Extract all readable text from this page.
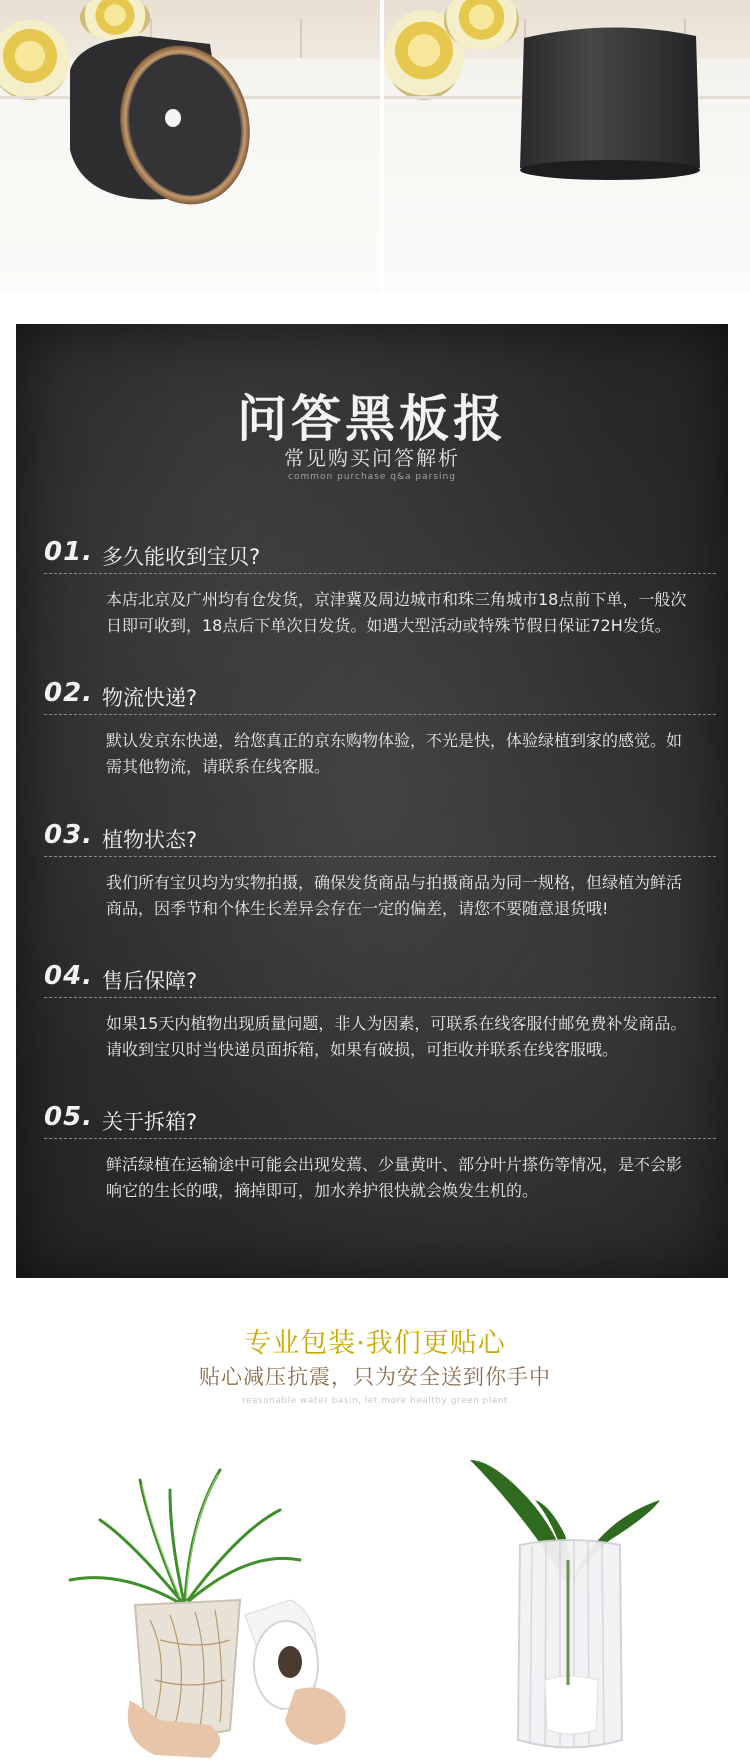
问答黑板报
常见购买问答解析
common purchase q&a parsing
01. 多久能收到宝贝?
本店北京及广州均有仓发货，京津冀及周边城市和珠三角城市18点前下单，一般次日即可收到，18点后下单次日发货。如遇大型活动或特殊节假日保证72H发货。
02. 物流快递?
默认发京东快递，给您真正的京东购物体验，不光是快，体验绿植到家的感觉。如需其他物流，请联系在线客服。
03. 植物状态?
我们所有宝贝均为实物拍摄，确保发货商品与拍摄商品为同一规格，但绿植为鲜活商品，因季节和个体生长差异会存在一定的偏差，请您不要随意退货哦!
04. 售后保障?
如果15天内植物出现质量问题，非人为因素，可联系在线客服付邮免费补发商品。请收到宝贝时当快递员面拆箱，如果有破损，可拒收并联系在线客服哦。
05. 关于拆箱?
鲜活绿植在运输途中可能会出现发蔫、少量黄叶、部分叶片搽伤等情况，是不会影响它的生长的哦，摘掉即可，加水养护很快就会焕发生机的。
专业包装·我们更贴心
贴心减压抗震，只为安全送到你手中
reasonable water basin, let more healthy green plant
